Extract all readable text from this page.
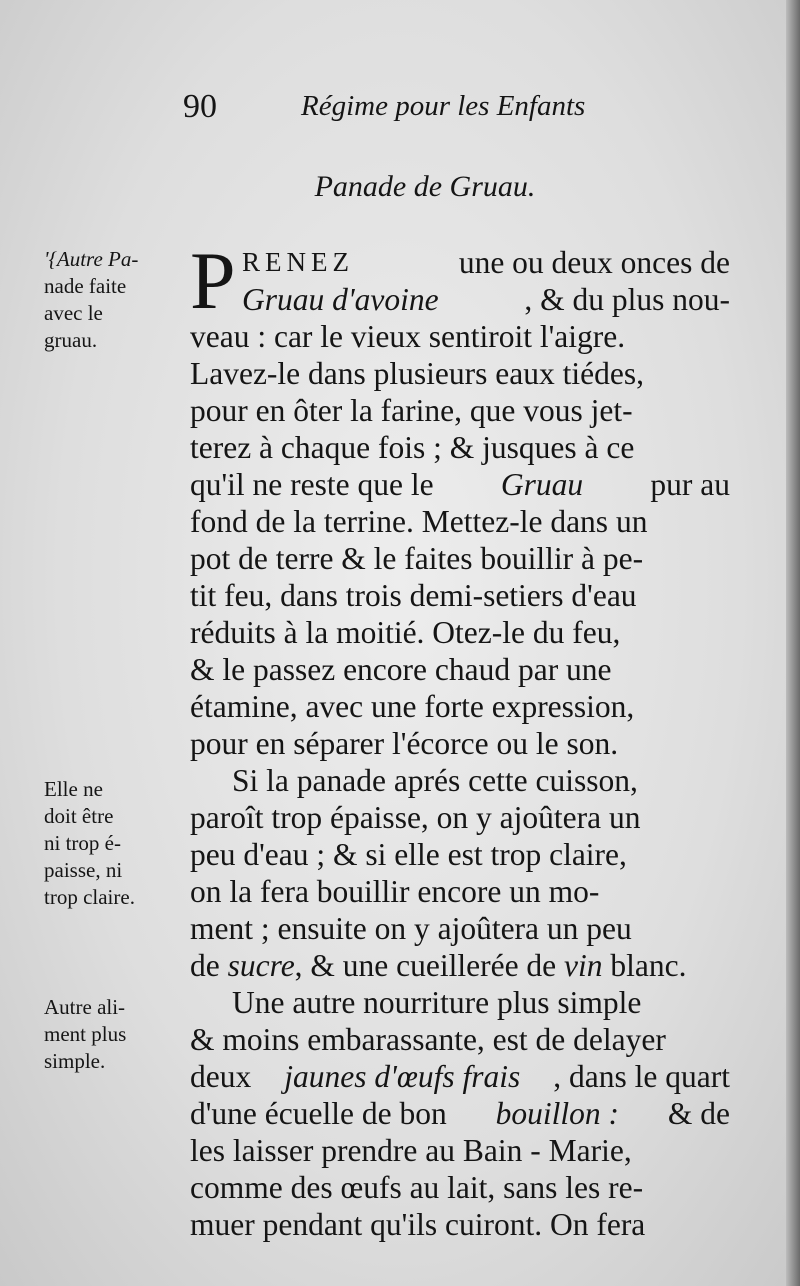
90	Régime pour les Enfants
Panade de Gruau.
'{Autre Pa-
nade faite
avec le
gruau.
Elle ne
doit être
ni trop é-
paisse, ni
trop claire.
Autre ali-
ment plus
simple.
P RENEZ	une ou deux onces de
Gruau d'avoine	, & du plus nou-
veau : car le vieux sentiroit l'aigre.
Lavez-le dans plusieurs eaux tiédes,
pour en ôter la farine, que vous jet-
terez à chaque fois ; & jusques à ce
qu'il ne reste que le Gruau pur au
fond de la terrine. Mettez-le dans un
pot de terre & le faites bouillir à pe-
tit feu, dans trois demi-setiers d'eau
réduits à la moitié. Otez-le du feu,
& le passez encore chaud par une
étamine, avec une forte expression,
pour en séparer l'écorce ou le son.
Si la panade aprés cette cuisson,
paroît trop épaisse, on y ajoûtera un
peu d'eau ; & si elle est trop claire,
on la fera bouillir encore un mo-
ment ; ensuite on y ajoûtera un peu
de sucre, & une cueillerée de vin blanc.
Une autre nourriture plus simple
& moins embarassante, est de delayer
deux jaunes d'œufs frais , dans le quart
d'une écuelle de bon bouillon : & de
les laisser prendre au Bain - Marie,
comme des œufs au lait, sans les re-
muer pendant qu'ils cuiront. On fera
